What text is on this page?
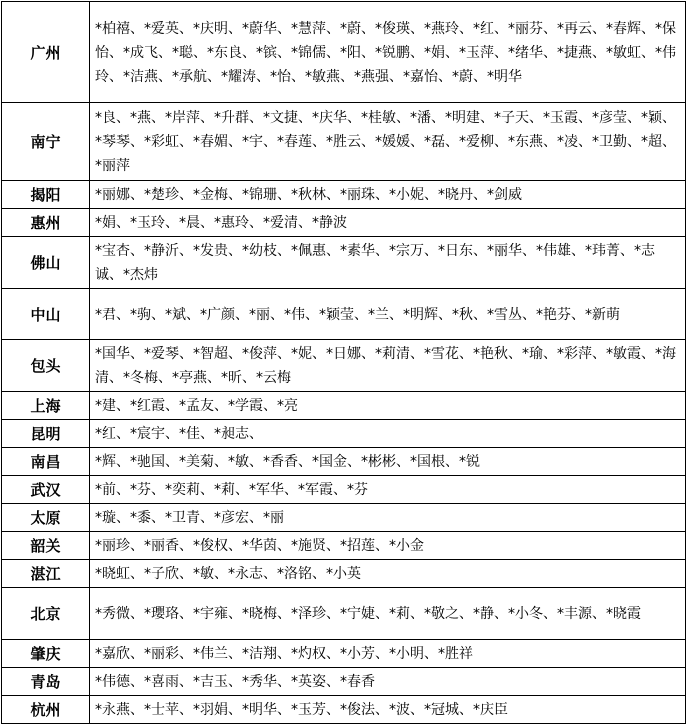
广州	*柏禧、*爱英、*庆明、*蔚华、*慧萍、*蔚、*俊瑛、*燕玲、*红、*丽芬、*再云、*春辉、*保怡、*成飞、*聪、*东良、*镔、*锦儒、*阳、*锐鹏、*娟、*玉萍、*绪华、*捷燕、*敏虹、*伟玲、*洁燕、*承航、*耀涛、*怡、*敏燕、*燕强、*嘉怡、*蔚、*明华
南宁	*良、*燕、*岸萍、*升群、*文捷、*庆华、*桂敏、*潘、*明建、*子天、*玉霞、*彦莹、*颖、*琴琴、*彩虹、*春媚、*宇、*春莲、*胜云、*媛媛、*磊、*爱柳、*东燕、*凌、*卫勤、*超、*丽萍
揭阳	*丽娜、*楚珍、*金梅、*锦珊、*秋林、*丽珠、*小妮、*晓丹、*剑威
惠州	*娟、*玉玲、*晨、*惠玲、*爱清、*静波
佛山	*宝杏、*静沂、*发贵、*幼枝、*佩惠、*素华、*宗万、*日东、*丽华、*伟雄、*玮菁、*志诚、*杰炜
中山	*君、*驹、*斌、*广颜、*丽、*伟、*颖莹、*兰、*明辉、*秋、*雪丛、*艳芬、*新萌
包头	*国华、*爱琴、*智超、*俊萍、*妮、*日娜、*莉清、*雪花、*艳秋、*瑜、*彩萍、*敏霞、*海清、*冬梅、*亭燕、*昕、*云梅
上海	*建、*红霞、*孟友、*学霞、*亮
昆明	*红、*宸宇、*佳、*昶志、
南昌	*辉、*驰国、*美菊、*敏、*香香、*国金、*彬彬、*国根、*锐
武汉	*前、*芬、*奕莉、*莉、*军华、*军霞、*芬
太原	*璇、*黍、*卫青、*彦宏、*丽
韶关	*丽珍、*丽香、*俊权、*华茵、*施贤、*招莲、*小金
湛江	*晓虹、*子欣、*敏、*永志、*洛铭、*小英
北京	*秀微、*瓔珞、*宇雍、*晓梅、*泽珍、*宁婕、*莉、*敬之、*静、*小冬、*丰源、*晓霞
肇庆	*嘉欣、*丽彩、*伟兰、*洁翔、*灼权、*小芳、*小明、*胜祥
青岛	*伟德、*喜雨、*吉玉、*秀华、*英姿、*春香
杭州	*永燕、*士苹、*羽娟、*明华、*玉芳、*俊法、*波、*冠城、*庆臣
